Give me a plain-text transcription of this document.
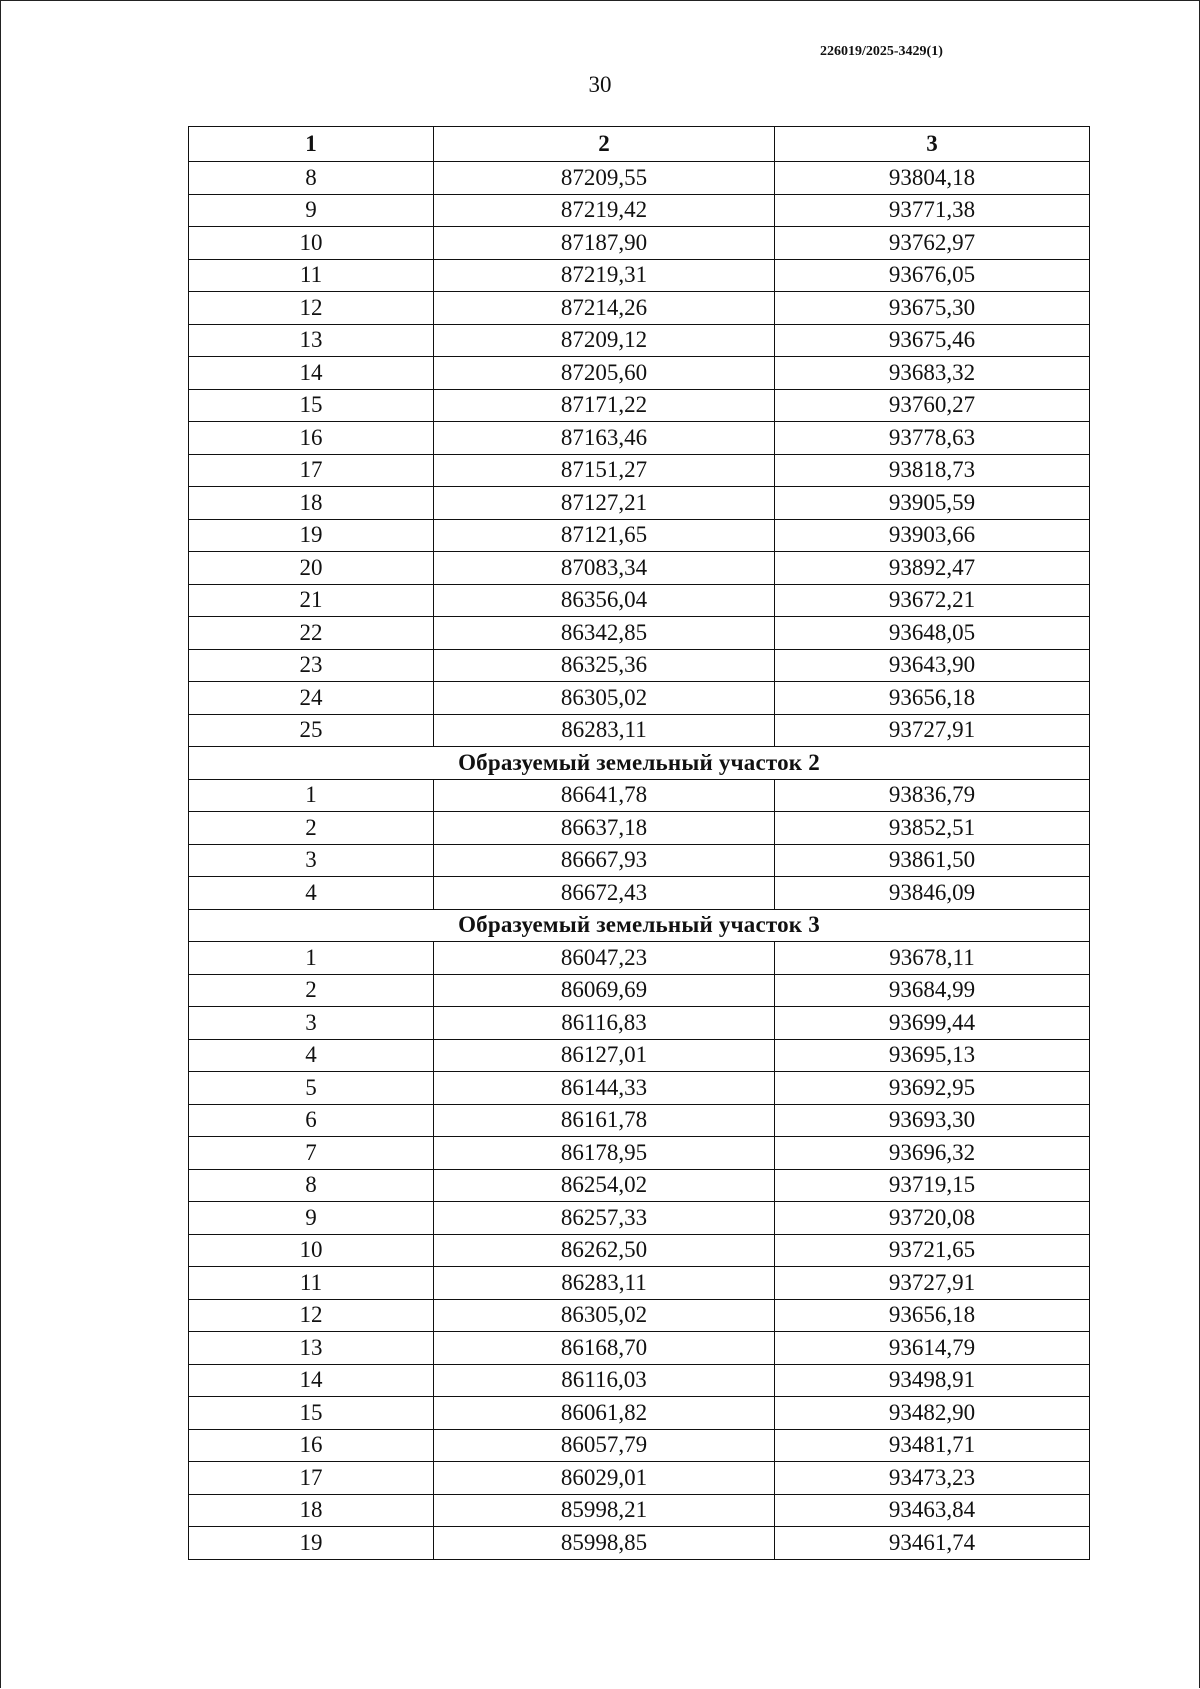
226019/2025-3429(1)
30
1	2	3
8	87209,55	93804,18
9	87219,42	93771,38
10	87187,90	93762,97
11	87219,31	93676,05
12	87214,26	93675,30
13	87209,12	93675,46
14	87205,60	93683,32
15	87171,22	93760,27
16	87163,46	93778,63
17	87151,27	93818,73
18	87127,21	93905,59
19	87121,65	93903,66
20	87083,34	93892,47
21	86356,04	93672,21
22	86342,85	93648,05
23	86325,36	93643,90
24	86305,02	93656,18
25	86283,11	93727,91
Образуемый земельный участок 2		
1	86641,78	93836,79
2	86637,18	93852,51
3	86667,93	93861,50
4	86672,43	93846,09
Образуемый земельный участок 3		
1	86047,23	93678,11
2	86069,69	93684,99
3	86116,83	93699,44
4	86127,01	93695,13
5	86144,33	93692,95
6	86161,78	93693,30
7	86178,95	93696,32
8	86254,02	93719,15
9	86257,33	93720,08
10	86262,50	93721,65
11	86283,11	93727,91
12	86305,02	93656,18
13	86168,70	93614,79
14	86116,03	93498,91
15	86061,82	93482,90
16	86057,79	93481,71
17	86029,01	93473,23
18	85998,21	93463,84
19	85998,85	93461,74
